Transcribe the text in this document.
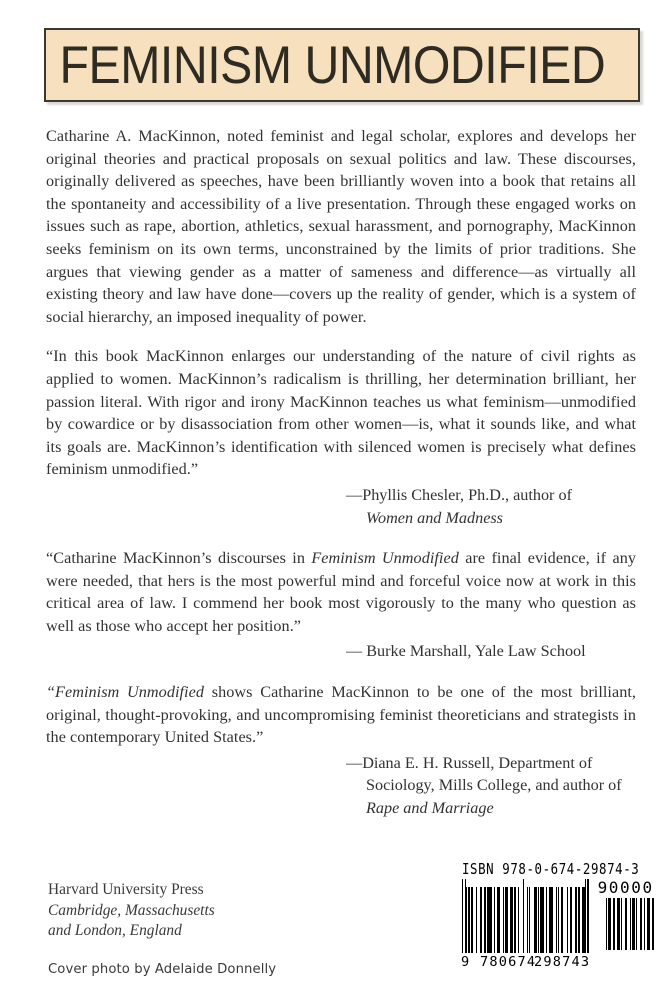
FEMINISM UNMODIFIED

Catharine A. MacKinnon, noted feminist and legal scholar, explores and develops her original theories and practical proposals on sexual politics and law. These discourses, originally delivered as speeches, have been brilliantly woven into a book that retains all the spontaneity and accessibility of a live presentation. Through these engaged works on issues such as rape, abortion, athletics, sexual harassment, and pornography, MacKinnon seeks feminism on its own terms, unconstrained by the limits of prior traditions. She argues that viewing gender as a matter of sameness and difference—as virtually all existing theory and law have done—covers up the reality of gender, which is a system of social hierarchy, an imposed inequality of power.

“In this book MacKinnon enlarges our understanding of the nature of civil rights as applied to women. MacKinnon’s radicalism is thrilling, her determination brilliant, her passion literal. With rigor and irony MacKinnon teaches us what feminism—unmodified by cowardice or by disassociation from other women—is, what it sounds like, and what its goals are. MacKinnon’s identification with silenced women is precisely what defines feminism unmodified.”

—Phyllis Chesler, Ph.D., author of

Women and Madness

“Catharine MacKinnon’s discourses in Feminism Unmodified are final evidence, if any were needed, that hers is the most powerful mind and forceful voice now at work in this critical area of law. I commend her book most vigorously to the many who question as well as those who accept her position.”

— Burke Marshall, Yale Law School

“Feminism Unmodified shows Catharine MacKinnon to be one of the most brilliant, original, thought-provoking, and uncompromising feminist theoreticians and strategists in the contemporary United States.”

—Diana E. H. Russell, Department of

Sociology, Mills College, and author of

Rape and Marriage

Harvard University Press
Cambridge, Massachusetts
and London, England
Cover photo by Adelaide Donnelly
ISBN 978-0-674-29874-3
9 780674
298743
90000
